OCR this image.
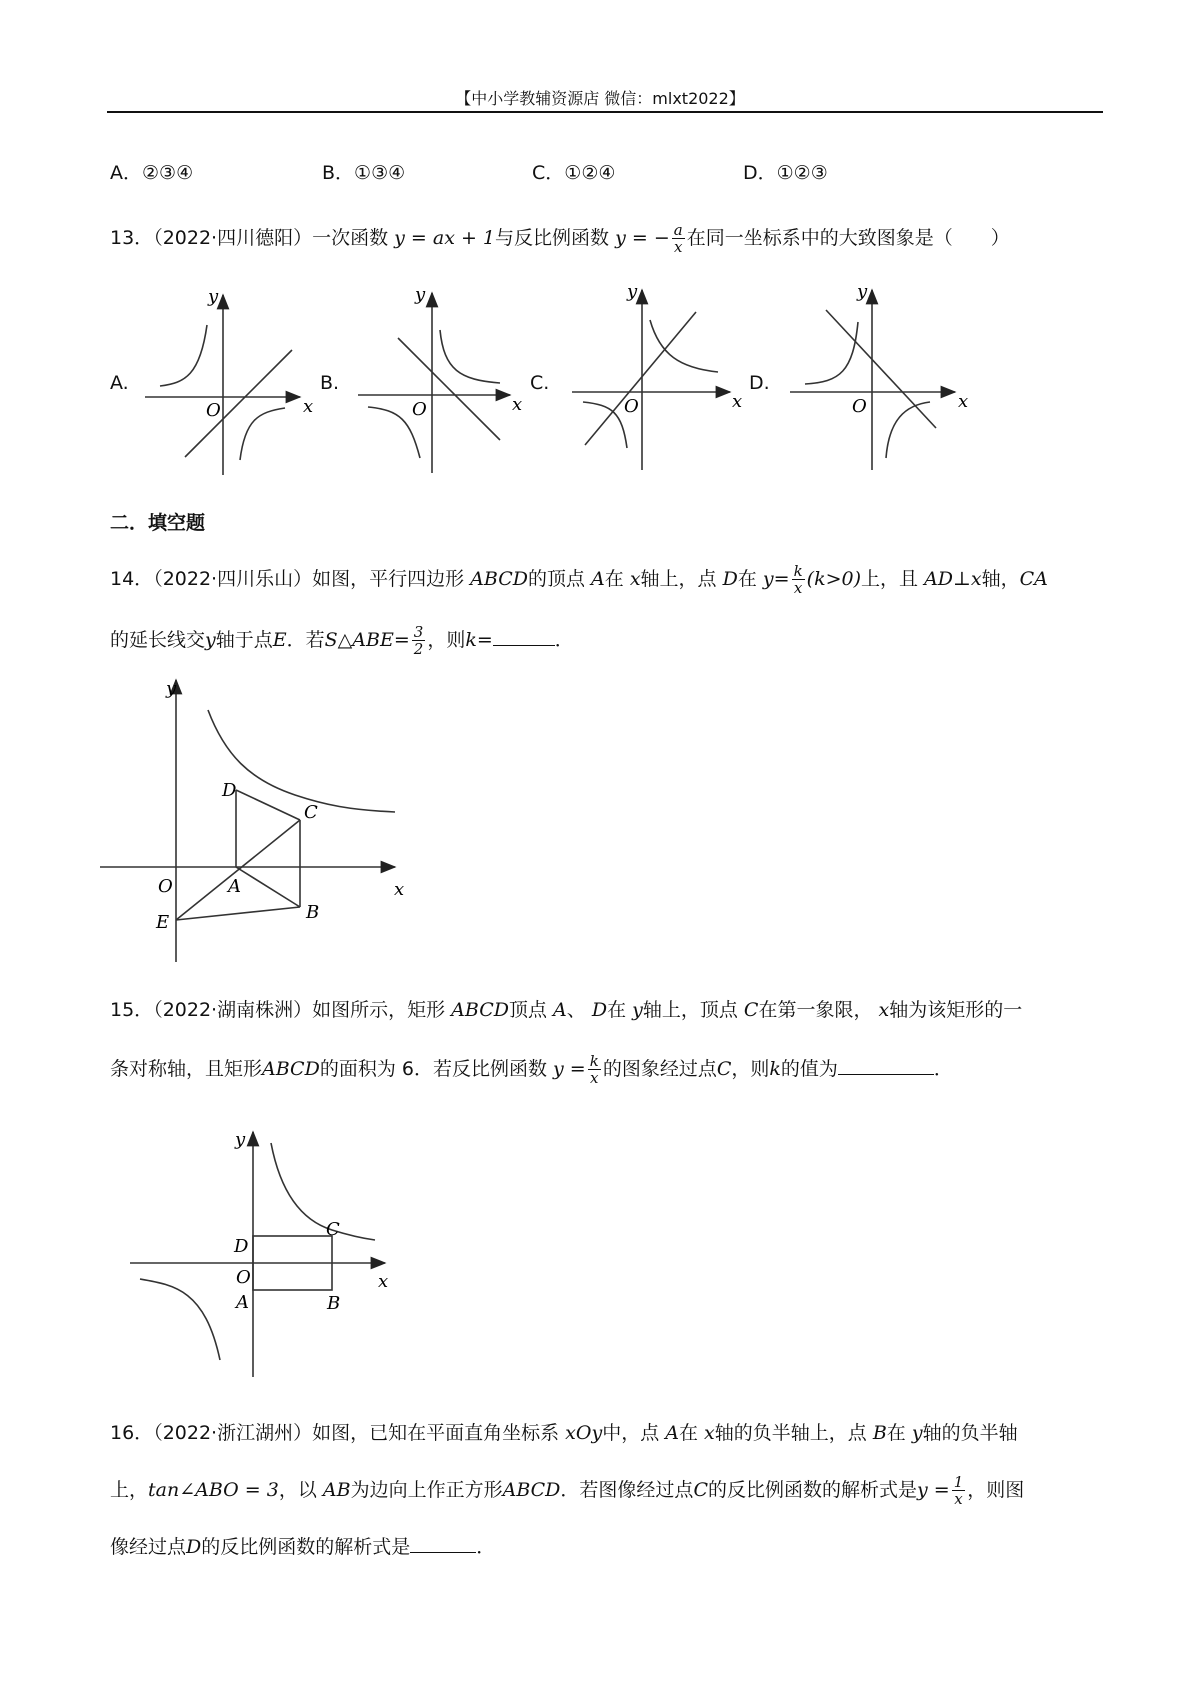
【中小学教辅资源店 微信：mlxt2022】
A．②③④	B．①③④	C．①②④	D．①②③
13．（2022·四川德阳）一次函数 y = ax + 1与反比例函数 y = − $\frac{a}{x}$ 在同一坐标系中的大致图象是（　　）
A.	B.	C.	D.
y
x
O
y
x
O
y
x
O
y
x
O
二．填空题
14．（2022·四川乐山）如图，平行四边形 ABCD的顶点 A在 x轴上，点 D在 $y= \frac{k}{x} (k>0)$上，且 AD⊥x轴，CA
的延长线交y轴于点E．若S△ABE= $\frac{3}{2}$ ，则k=	．
y
x
O
D
C
A
B
E
15．（2022·湖南株洲）如图所示，矩形 ABCD顶点 A、 D在 y轴上，顶点 C在第一象限， x轴为该矩形的一
条对称轴，且矩形ABCD的面积为 6．若反比例函数 $y = \frac{k}{x}$ 的图象经过点C，则k的值为	．
y
x
O
D
C
A	B
16．（2022·浙江湖州）如图，已知在平面直角坐标系 xOy中，点 A在 x轴的负半轴上，点 B在 y轴的负半轴
上，tan∠ABO = 3，以 AB为边向上作正方形ABCD．若图像经过点C的反比例函数的解析式是$y = \frac{1}{x}$ ，则图
像经过点D的反比例函数的解析式是	．
